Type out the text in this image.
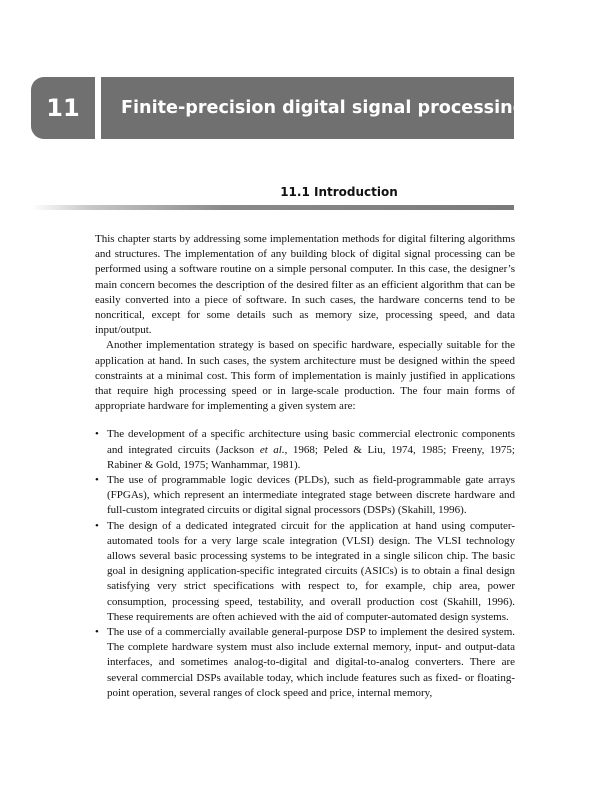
11	Finite-precision digital signal processing
11.1 Introduction

This chapter starts by addressing some implementation methods for digital filtering algorithms and structures. The implementation of any building block of digital signal processing can be performed using a software routine on a simple personal computer. In this case, the designer’s main concern becomes the description of the desired filter as an efficient algorithm that can be easily converted into a piece of software. In such cases, the hardware concerns tend to be noncritical, except for some details such as memory size, processing speed, and data input/output.

Another implementation strategy is based on specific hardware, especially suitable for the application at hand. In such cases, the system architecture must be designed within the speed constraints at a minimal cost. This form of implementation is mainly justified in applications that require high processing speed or in large-scale production. The four main forms of appropriate hardware for implementing a given system are:

• The development of a specific architecture using basic commercial electronic components and integrated circuits (Jackson et al., 1968; Peled & Liu, 1974, 1985; Freeny, 1975; Rabiner & Gold, 1975; Wanhammar, 1981).
• The use of programmable logic devices (PLDs), such as field-programmable gate arrays (FPGAs), which represent an intermediate integrated stage between discrete hardware and full-custom integrated circuits or digital signal processors (DSPs) (Skahill, 1996).
• The design of a dedicated integrated circuit for the application at hand using computer-automated tools for a very large scale integration (VLSI) design. The VLSI technology allows several basic processing systems to be integrated in a single silicon chip. The basic goal in designing application-specific integrated circuits (ASICs) is to obtain a final design satisfying very strict specifications with respect to, for example, chip area, power consumption, processing speed, testability, and overall production cost (Skahill, 1996). These requirements are often achieved with the aid of computer-automated design systems.
• The use of a commercially available general-purpose DSP to implement the desired system. The complete hardware system must also include external memory, input- and output-data interfaces, and sometimes analog-to-digital and digital-to-analog converters. There are several commercial DSPs available today, which include features such as fixed- or floating-point operation, several ranges of clock speed and price, internal memory,
